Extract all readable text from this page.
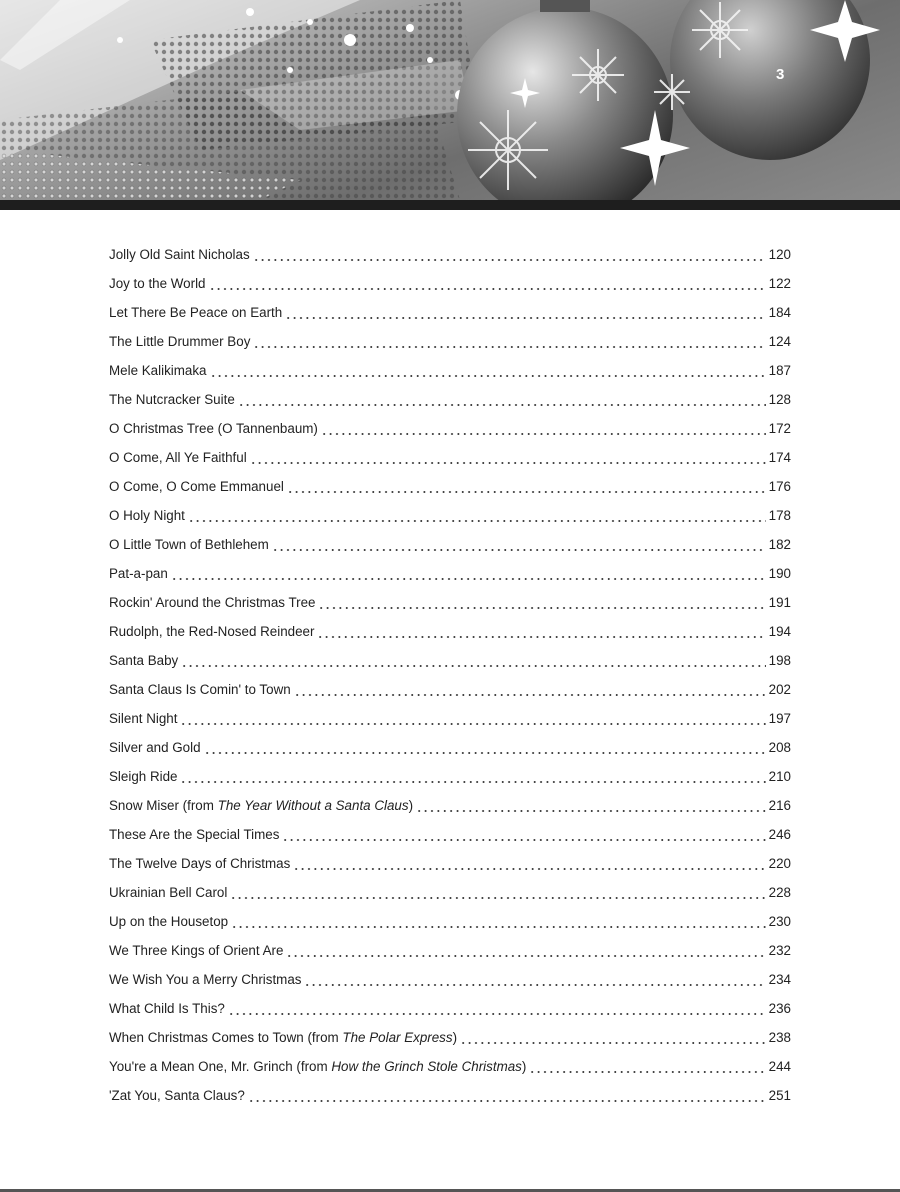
3
Jolly Old Saint Nicholas	120
Joy to the World	122
Let There Be Peace on Earth	184
The Little Drummer Boy	124
Mele Kalikimaka	187
The Nutcracker Suite	128
O Christmas Tree (O Tannenbaum)	172
O Come, All Ye Faithful	174
O Come, O Come Emmanuel	176
O Holy Night	178
O Little Town of Bethlehem	182
Pat-a-pan	190
Rockin' Around the Christmas Tree	191
Rudolph, the Red-Nosed Reindeer	194
Santa Baby	198
Santa Claus Is Comin' to Town	202
Silent Night	197
Silver and Gold	208
Sleigh Ride	210
Snow Miser (from The Year Without a Santa Claus)	216
These Are the Special Times	246
The Twelve Days of Christmas	220
Ukrainian Bell Carol	228
Up on the Housetop	230
We Three Kings of Orient Are	232
We Wish You a Merry Christmas	234
What Child Is This?	236
When Christmas Comes to Town (from The Polar Express)	238
You're a Mean One, Mr. Grinch (from How the Grinch Stole Christmas)	244
'Zat You, Santa Claus?	251
